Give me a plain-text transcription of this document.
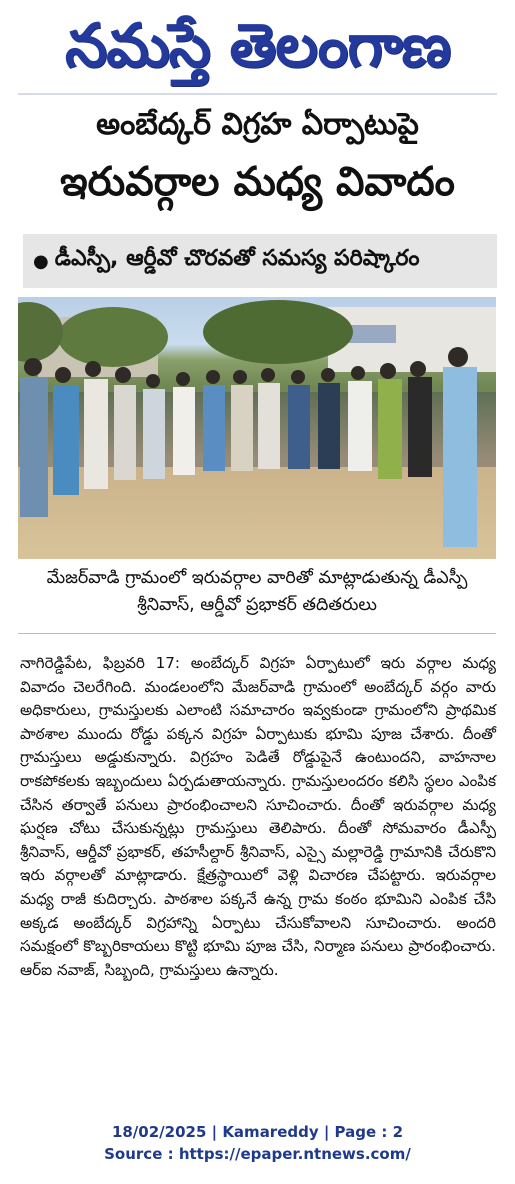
నమస్తే తెలంగాణ
అంబేద్కర్ విగ్రహ ఏర్పాటుపై
ఇరువర్గాల మధ్య వివాదం
● డీఎస్పీ, ఆర్డీవో చొరవతో సమస్య పరిష్కారం
మేజర్‌వాడి గ్రామంలో ఇరువర్గాల వారితో మాట్లాడుతున్న డీఎస్పీ
శ్రీనివాస్, ఆర్డీవో ప్రభాకర్ తదితరులు
నాగిరెడ్డిపేట, ఫిబ్రవరి 17: అంబేద్కర్ విగ్రహ ఏర్పాటులో ఇరు వర్గాల మధ్య వివాదం చెలరేగింది. మండలంలోని మేజర్‌వాడి గ్రామంలో అంబేద్కర్ వర్గం వారు అధికారులు, గ్రామస్తులకు ఎలాంటి సమాచారం ఇవ్వకుండా గ్రామంలోని ప్రాథమిక పాఠశాల ముందు రోడ్డు పక్కన విగ్రహ ఏర్పాటుకు భూమి పూజ చేశారు. దీంతో గ్రామస్తులు అడ్డుకున్నారు. విగ్రహం పెడితే రోడ్డుపైనే ఉంటుందని, వాహనాల రాకపోకలకు ఇబ్బందులు ఏర్పడుతాయన్నారు. గ్రామస్తులందరం కలిసి స్థలం ఎంపిక చేసిన తర్వాతే పనులు ప్రారంభించాలని సూచించారు. దీంతో ఇరువర్గాల మధ్య ఘర్షణ చోటు చేసుకున్నట్లు గ్రామస్తులు తెలిపారు. దీంతో సోమవారం డీఎస్పీ శ్రీనివాస్, ఆర్డీవో ప్రభాకర్, తహసీల్దార్ శ్రీనివాస్, ఎస్సై మల్లారెడ్డి గ్రామానికి చేరుకొని ఇరు వర్గాలతో మాట్లాడారు. క్షేత్రస్థాయిలో వెళ్లి విచారణ చేపట్టారు. ఇరువర్గాల మధ్య రాజీ కుదిర్చారు. పాఠశాల పక్కనే ఉన్న గ్రామ కంఠం భూమిని ఎంపిక చేసి అక్కడ అంబేద్కర్ విగ్రహాన్ని ఏర్పాటు చేసుకోవాలని సూచించారు. అందరి సమక్షంలో కొబ్బరికాయలు కొట్టి భూమి పూజ చేసి, నిర్మాణ పనులు ప్రారంభించారు. ఆర్ఐ నవాజ్, సిబ్బంది, గ్రామస్తులు ఉన్నారు.
18/02/2025 | Kamareddy | Page : 2
Source : https://epaper.ntnews.com/
